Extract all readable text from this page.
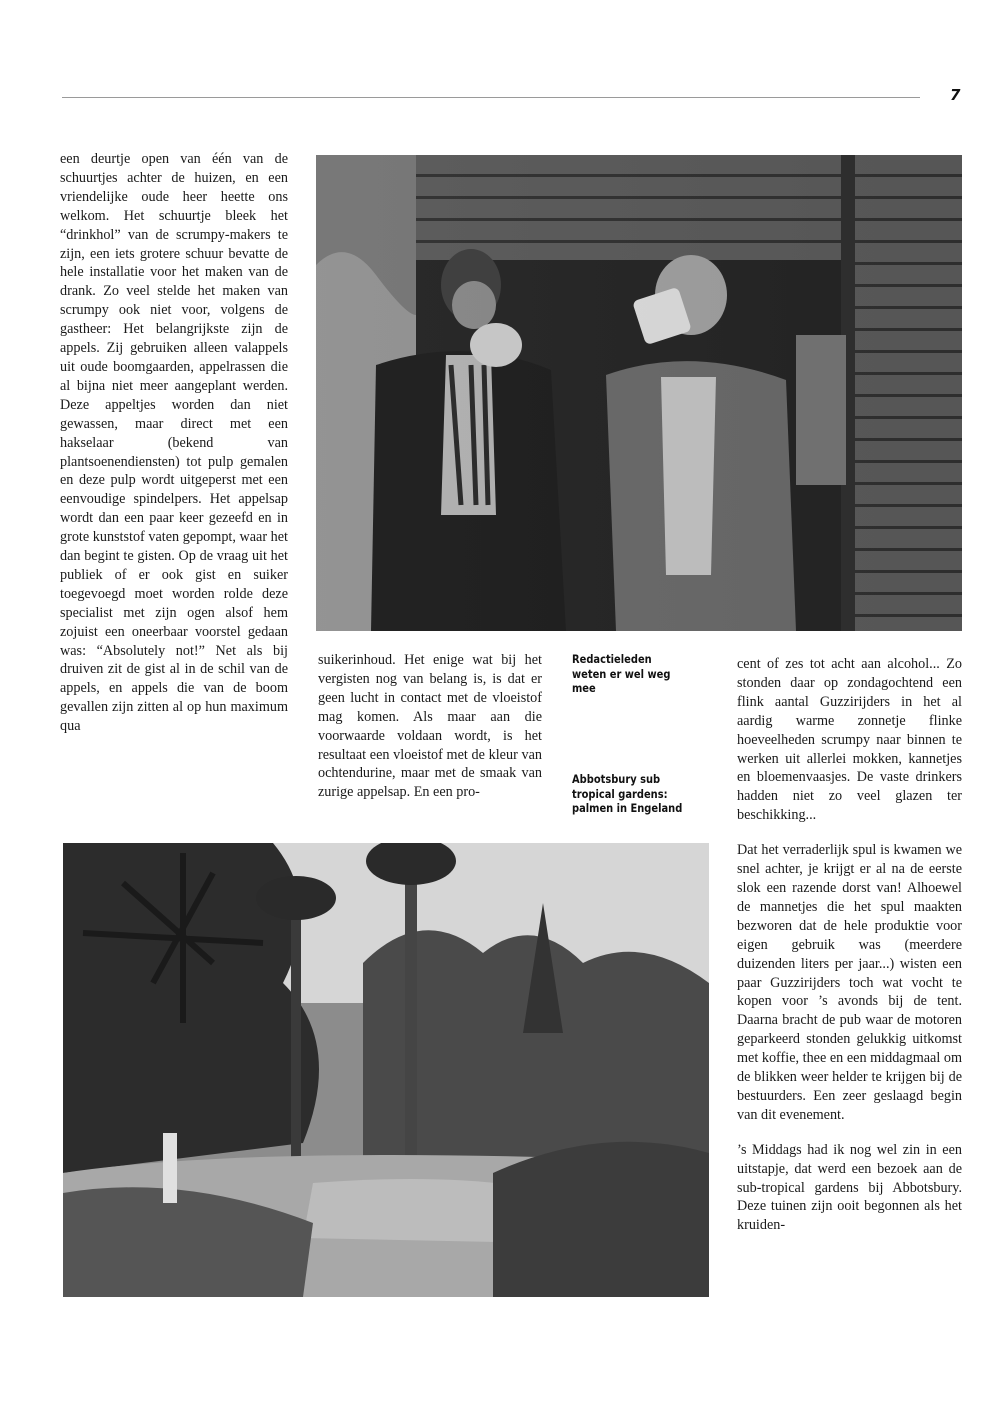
7

een deurtje open van één van de schuurtjes achter de huizen, en een vriendelijke oude heer heette ons welkom. Het schuurtje bleek het “drinkhol” van de scrumpy-makers te zijn, een iets grotere schuur bevatte de hele installatie voor het maken van de drank. Zo veel stelde het maken van scrumpy ook niet voor, volgens de gastheer: Het belangrijkste zijn de appels. Zij gebruiken alleen valappels uit oude boomgaarden, appelrassen die al bijna niet meer aangeplant werden. Deze appeltjes worden dan niet gewassen, maar direct met een hakselaar (bekend van plantsoenendiensten) tot pulp gemalen en deze pulp wordt uitgeperst met een eenvoudige spindelpers. Het appelsap wordt dan een paar keer gezeefd en in grote kunststof vaten gepompt, waar het dan begint te gisten. Op de vraag uit het publiek of er ook gist en suiker toegevoegd moet worden rolde deze specialist met zijn ogen alsof hem zojuist een oneerbaar voorstel gedaan was: “Absolutely not!” Net als bij druiven zit de gist al in de schil van de appels, en appels die van de boom gevallen zijn zitten al op hun maximum qua

suikerinhoud. Het enige wat bij het vergisten nog van belang is, is dat er geen lucht in contact met de vloeistof mag komen. Als maar aan die voorwaarde voldaan wordt, is het resultaat een vloeistof met de kleur van ochtendurine, maar met de smaak van zurige appelsap. En een pro-

Redactieleden weten er wel weg mee
Abbotsbury sub tropical gardens: palmen in Engeland

cent of zes tot acht aan alcohol... Zo stonden daar op zondagochtend een flink aantal Guzzirijders in het al aardig warme zonnetje flinke hoeveelheden scrumpy naar binnen te werken uit allerlei mokken, kannetjes en bloemenvaasjes. De vaste drinkers hadden niet zo veel glazen ter beschikking...

Dat het verraderlijk spul is kwamen we snel achter, je krijgt er al na de eerste slok een razende dorst van! Alhoewel de mannetjes die het spul maakten bezworen dat de hele produktie voor eigen gebruik was (meerdere duizenden liters per jaar...) wisten een paar Guzzirijders toch wat vocht te kopen voor ’s avonds bij de tent. Daarna bracht de pub waar de motoren geparkeerd stonden gelukkig uitkomst met koffie, thee en een middagmaal om de blikken weer helder te krijgen bij de bestuurders. Een zeer geslaagd begin van dit evenement.

’s Middags had ik nog wel zin in een uitstapje, dat werd een bezoek aan de sub-tropical gardens bij Abbotsbury. Deze tuinen zijn ooit begonnen als het kruiden-
